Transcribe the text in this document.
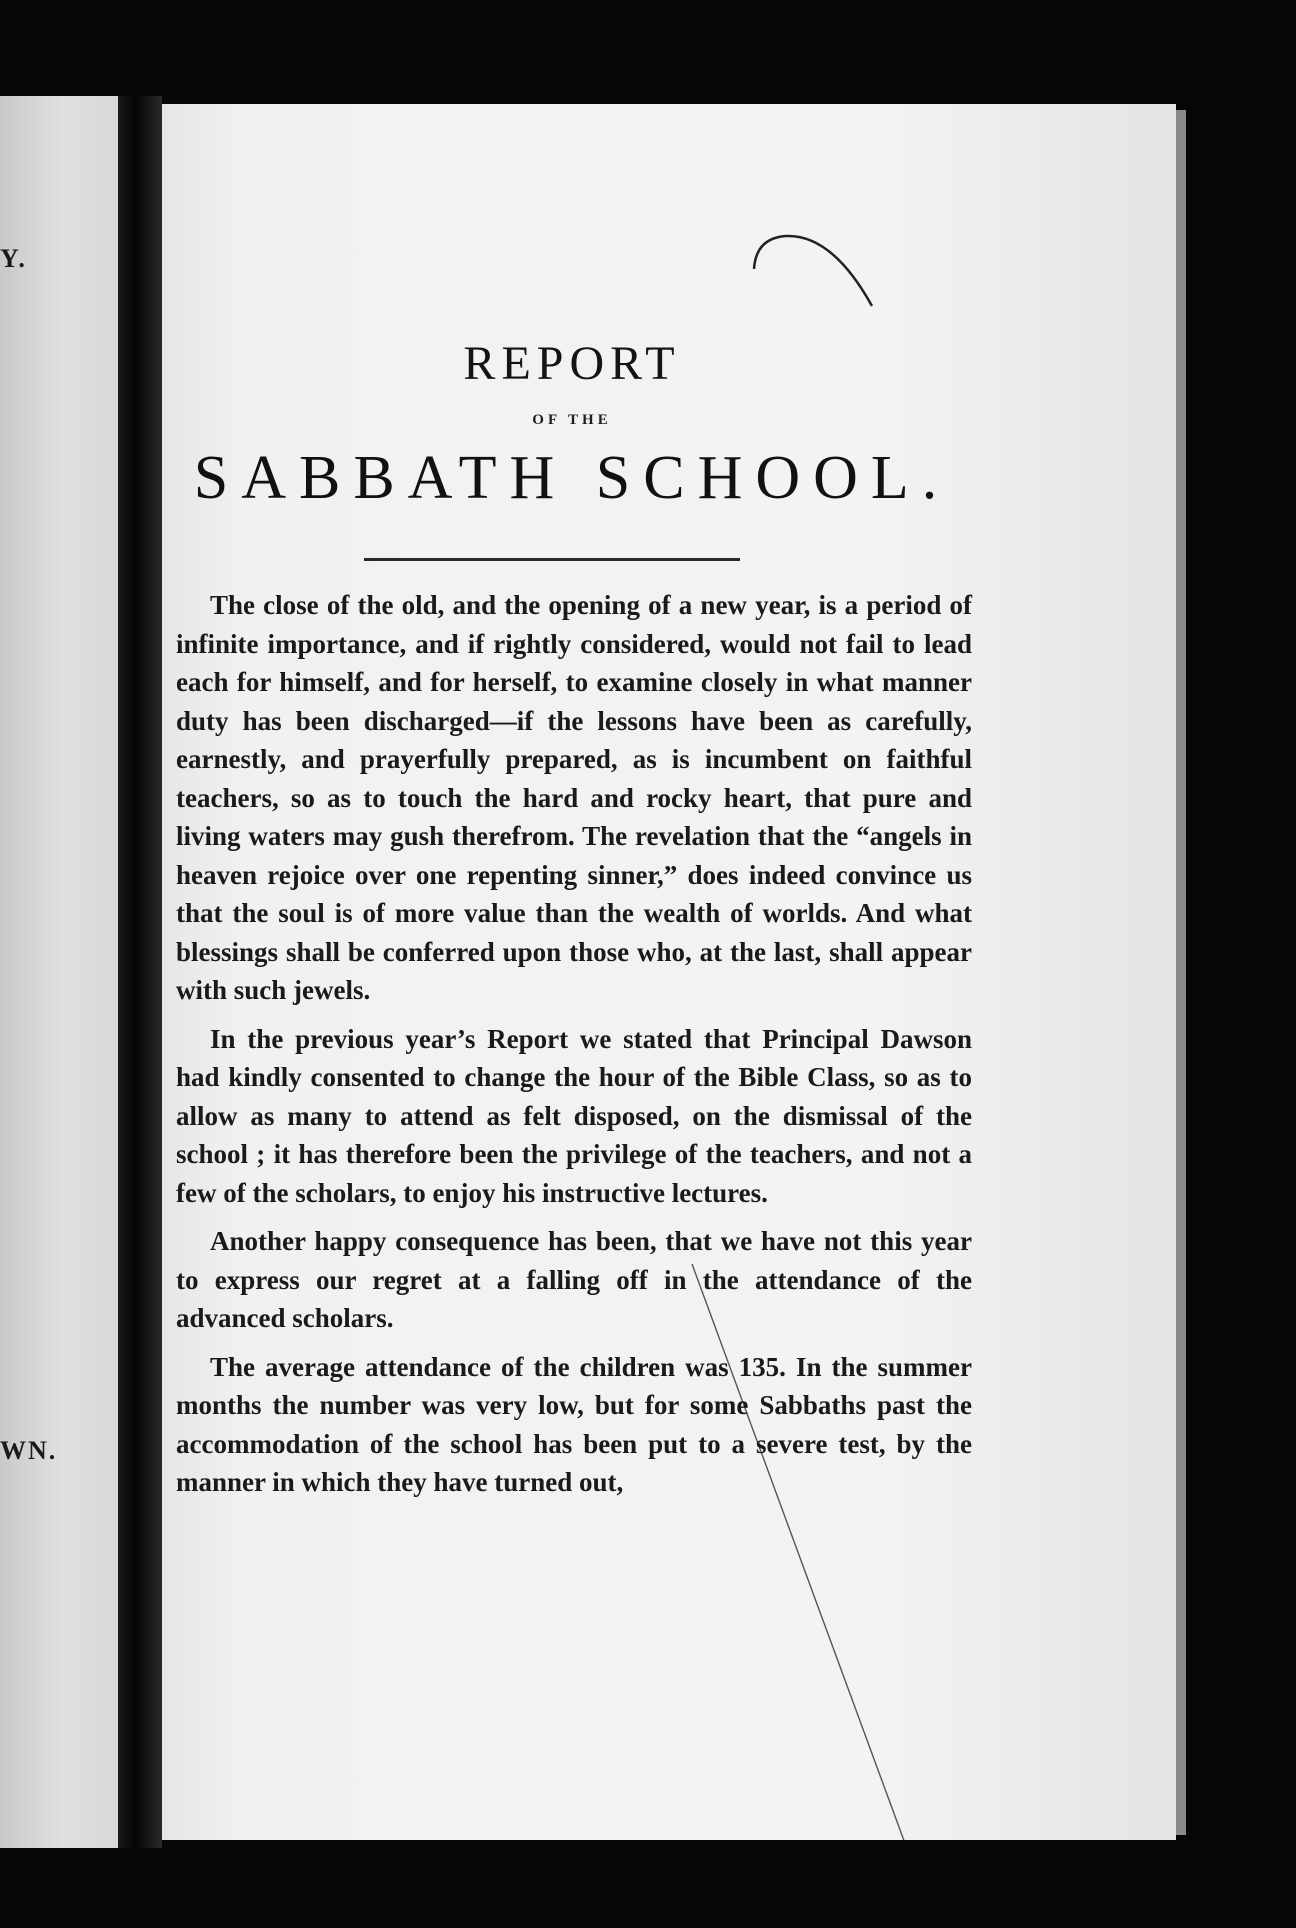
Y.
WN.
REPORT
OF THE
SABBATH SCHOOL.

The close of the old, and the opening of a new year, is a period of infinite importance, and if rightly considered, would not fail to lead each for himself, and for herself, to examine closely in what manner duty has been discharged—if the lessons have been as carefully, earnestly, and prayerfully prepared, as is incumbent on faithful teachers, so as to touch the hard and rocky heart, that pure and living waters may gush therefrom. The revelation that the “angels in heaven rejoice over one repenting sinner,” does indeed convince us that the soul is of more value than the wealth of worlds. And what blessings shall be conferred upon those who, at the last, shall appear with such jewels.

In the previous year’s Report we stated that Principal Dawson had kindly consented to change the hour of the Bible Class, so as to allow as many to attend as felt disposed, on the dismissal of the school ; it has therefore been the privilege of the teachers, and not a few of the scholars, to enjoy his instructive lectures.

Another happy consequence has been, that we have not this year to express our regret at a falling off in the attendance of the advanced scholars.

The average attendance of the children was 135. In the summer months the number was very low, but for some Sabbaths past the accommodation of the school has been put to a severe test, by the manner in which they have turned out,
